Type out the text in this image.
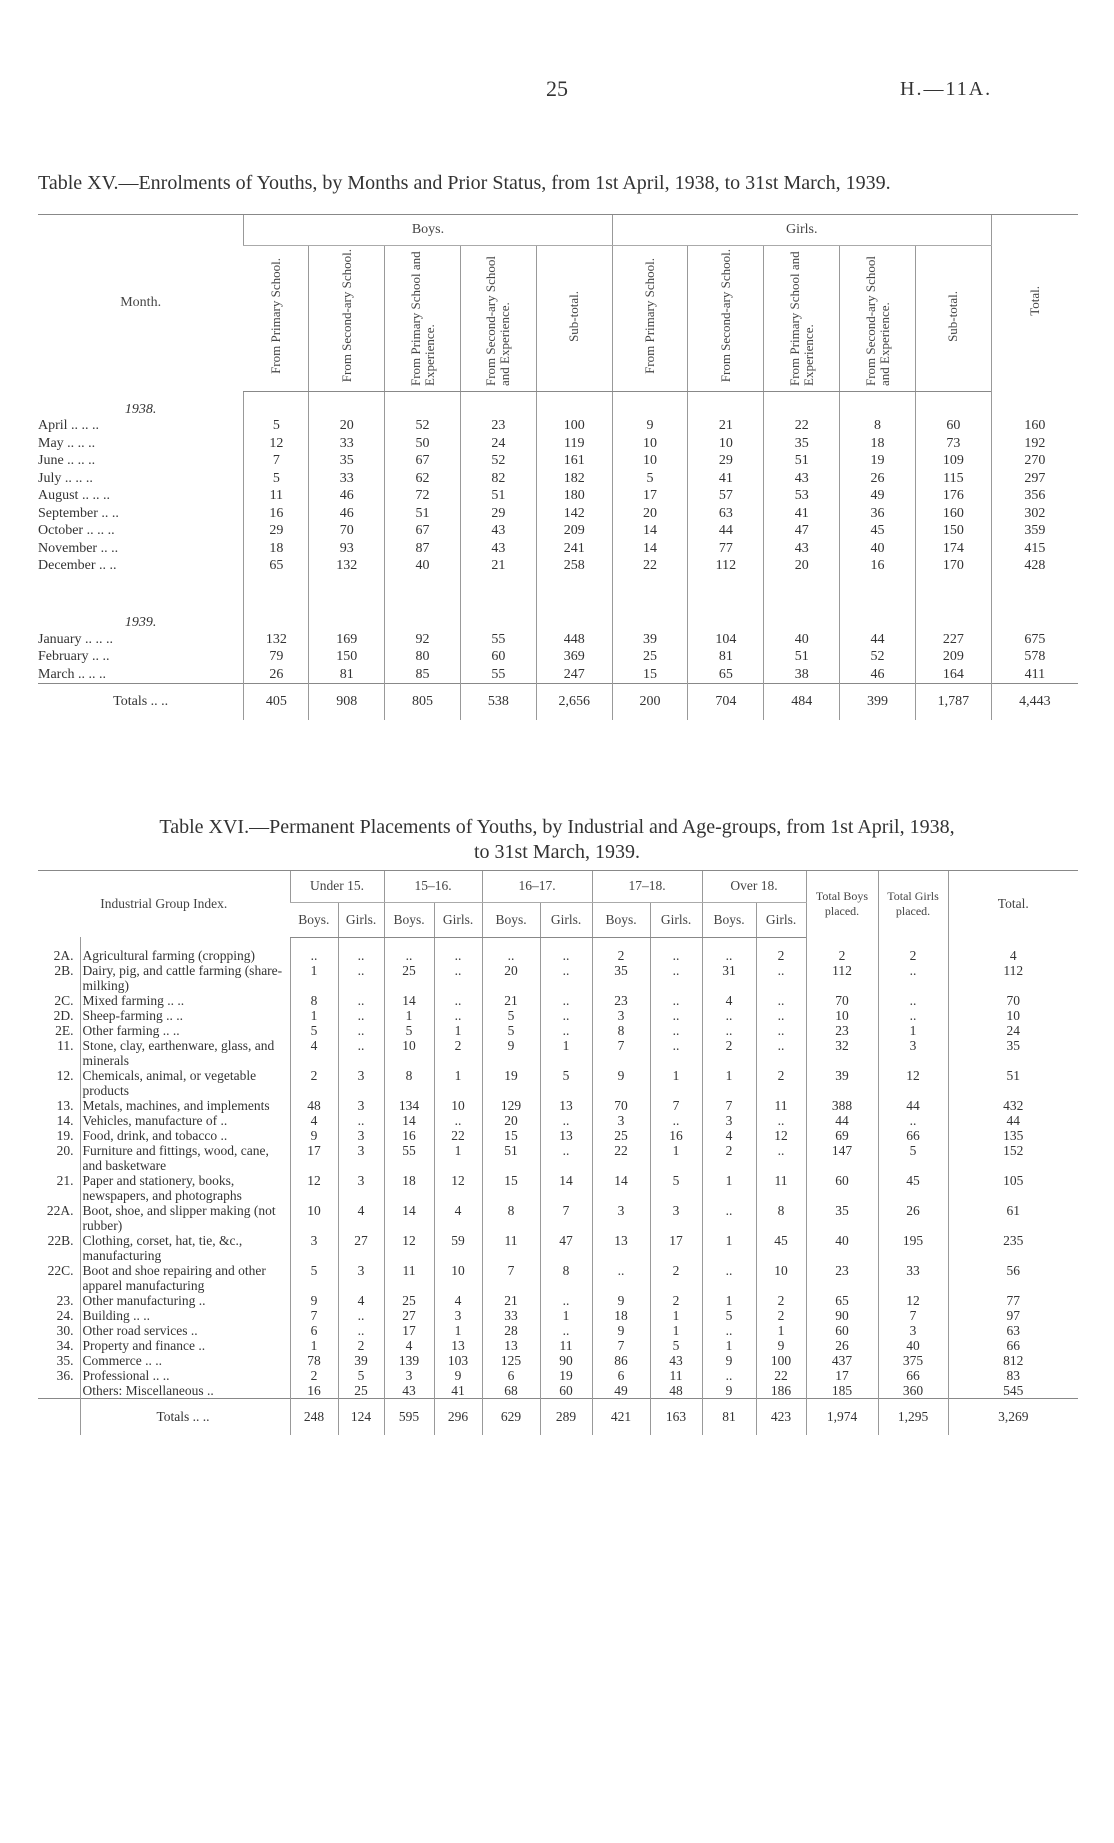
25	H.—11A.
Table XV.—Enrolments of Youths, by Months and Prior Status, from 1st April, 1938, to 31st March, 1939.
Month.	Boys.					Girls.					Total.
	From Primary School.	From Second-ary School.	From Primary School and Experience.	From Second-ary School and Experience.	Sub-total.	From Primary School.	From Second-ary School.	From Primary School and Experience.	From Second-ary School and Experience.	Sub-total.	
1938.											
April .. .. ..	5	20	52	23	100	9	21	22	8	60	160
May .. .. ..	12	33	50	24	119	10	10	35	18	73	192
June .. .. ..	7	35	67	52	161	10	29	51	19	109	270
July .. .. ..	5	33	62	82	182	5	41	43	26	115	297
August .. .. ..	11	46	72	51	180	17	57	53	49	176	356
September .. ..	16	46	51	29	142	20	63	41	36	160	302
October .. .. ..	29	70	67	43	209	14	44	47	45	150	359
November .. ..	18	93	87	43	241	14	77	43	40	174	415
December .. ..	65	132	40	21	258	22	112	20	16	170	428

1939.											
January .. .. ..	132	169	92	55	448	39	104	40	44	227	675
February .. ..	79	150	80	60	369	25	81	51	52	209	578
March .. .. ..	26	81	85	55	247	15	65	38	46	164	411
Totals .. ..	405	908	805	538	2,656	200	704	484	399	1,787	4,443
Table XVI.—Permanent Placements of Youths, by Industrial and Age-groups, from 1st April, 1938,
to 31st March, 1939.
Industrial Group Index.		Under 15.		15–16.		16–17.		17–18.		Over 18.		Total Boys placed.	Total Girls placed.	Total.
		Boys.	Girls.	Boys.	Girls.	Boys.	Girls.	Boys.	Girls.	Boys.	Girls.			

2A.	Agricultural farming (cropping)	..	..	..	..	..	..	2	..	..	2	2	2	4
2B.	Dairy, pig, and cattle farming (share-milking)	1	..	25	..	20	..	35	..	31	..	112	..	112
2C.	Mixed farming .. ..	8	..	14	..	21	..	23	..	4	..	70	..	70
2D.	Sheep-farming .. ..	1	..	1	..	5	..	3	..	..	..	10	..	10
2E.	Other farming .. ..	5	..	5	1	5	..	8	..	..	..	23	1	24
11.	Stone, clay, earthenware, glass, and minerals	4	..	10	2	9	1	7	..	2	..	32	3	35
12.	Chemicals, animal, or vegetable products	2	3	8	1	19	5	9	1	1	2	39	12	51
13.	Metals, machines, and implements	48	3	134	10	129	13	70	7	7	11	388	44	432
14.	Vehicles, manufacture of ..	4	..	14	..	20	..	3	..	3	..	44	..	44
19.	Food, drink, and tobacco ..	9	3	16	22	15	13	25	16	4	12	69	66	135
20.	Furniture and fittings, wood, cane, and basketware	17	3	55	1	51	..	22	1	2	..	147	5	152
21.	Paper and stationery, books, newspapers, and photographs	12	3	18	12	15	14	14	5	1	11	60	45	105
22A.	Boot, shoe, and slipper making (not rubber)	10	4	14	4	8	7	3	3	..	8	35	26	61
22B.	Clothing, corset, hat, tie, &c., manufacturing	3	27	12	59	11	47	13	17	1	45	40	195	235
22C.	Boot and shoe repairing and other apparel manufacturing	5	3	11	10	7	8	..	2	..	10	23	33	56
23.	Other manufacturing ..	9	4	25	4	21	..	9	2	1	2	65	12	77
24.	Building .. ..	7	..	27	3	33	1	18	1	5	2	90	7	97
30.	Other road services ..	6	..	17	1	28	..	9	1	..	1	60	3	63
34.	Property and finance ..	1	2	4	13	13	11	7	5	1	9	26	40	66
35.	Commerce .. ..	78	39	139	103	125	90	86	43	9	100	437	375	812
36.	Professional .. ..	2	5	3	9	6	19	6	11	..	22	17	66	83
	Others: Miscellaneous ..	16	25	43	41	68	60	49	48	9	186	185	360	545
	Totals .. ..	248	124	595	296	629	289	421	163	81	423	1,974	1,295	3,269
